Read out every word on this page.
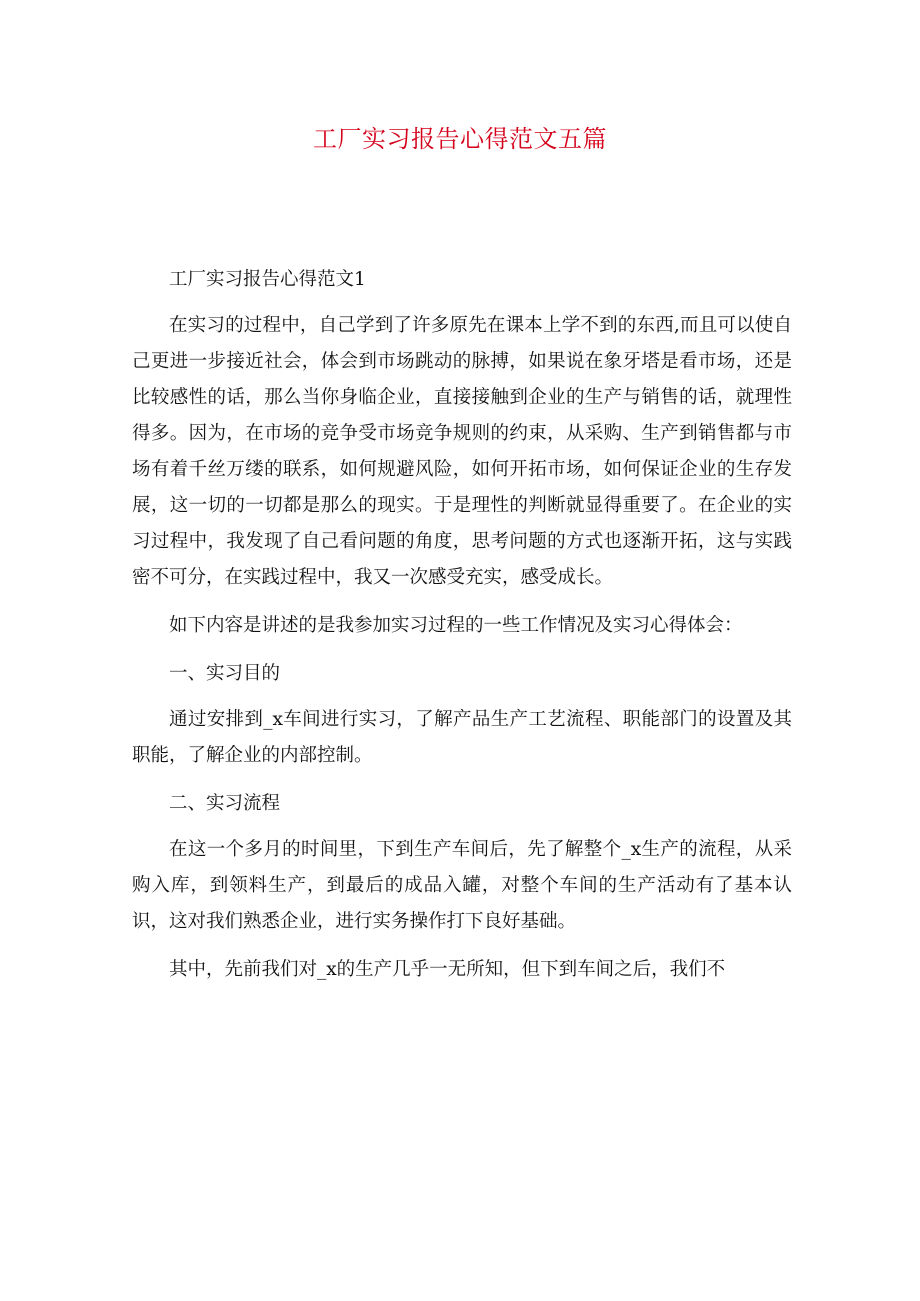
工厂实习报告心得范文五篇

工厂实习报告心得范文1

在实习的过程中，自己学到了许多原先在课本上学不到的东西,而且可以使自己更进一步接近社会，体会到市场跳动的脉搏，如果说在象牙塔是看市场，还是比较感性的话，那么当你身临企业，直接接触到企业的生产与销售的话，就理性得多。因为，在市场的竞争受市场竞争规则的约束，从采购、生产到销售都与市场有着千丝万缕的联系，如何规避风险，如何开拓市场，如何保证企业的生存发展，这一切的一切都是那么的现实。于是理性的判断就显得重要了。在企业的实习过程中，我发现了自己看问题的角度，思考问题的方式也逐渐开拓，这与实践密不可分，在实践过程中，我又一次感受充实，感受成长。

如下内容是讲述的是我参加实习过程的一些工作情况及实习心得体会：

一、实习目的

通过安排到_x车间进行实习，了解产品生产工艺流程、职能部门的设置及其职能，了解企业的内部控制。

二、实习流程

在这一个多月的时间里，下到生产车间后，先了解整个_x生产的流程，从采购入库，到领料生产，到最后的成品入罐，对整个车间的生产活动有了基本认识，这对我们熟悉企业，进行实务操作打下良好基础。

其中，先前我们对_x的生产几乎一无所知，但下到车间之后，我们不
